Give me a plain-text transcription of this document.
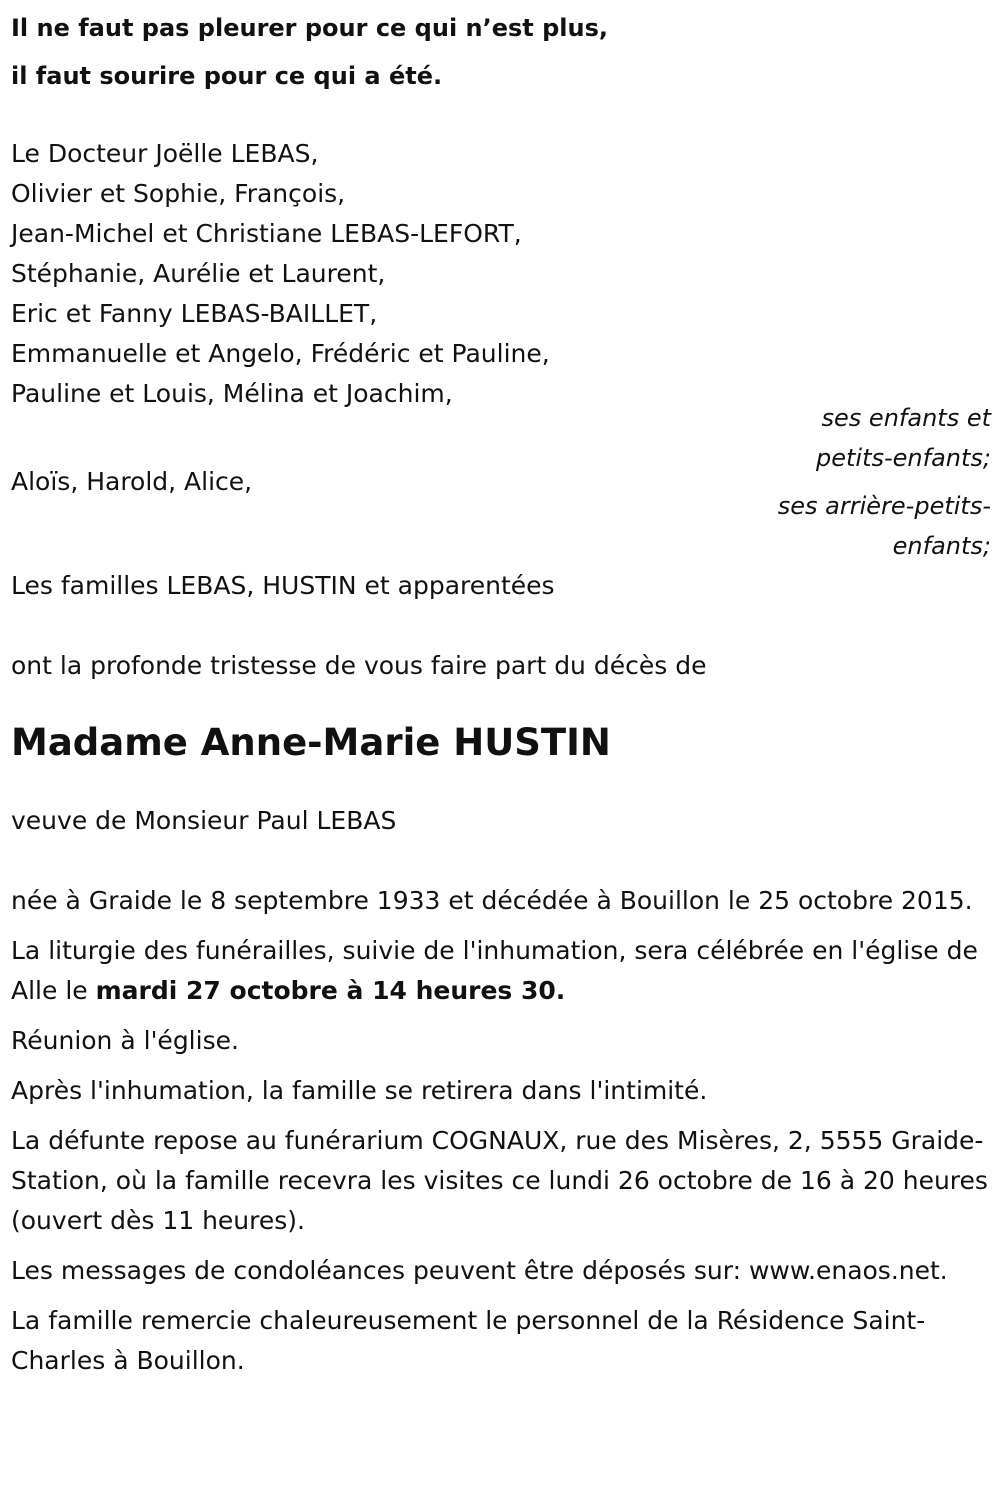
Il ne faut pas pleurer pour ce qui n’est plus,
il faut sourire pour ce qui a été.
Le Docteur Joëlle LEBAS,
Olivier et Sophie, François,
Jean-Michel et Christiane LEBAS-LEFORT,
Stéphanie, Aurélie et Laurent,
Eric et Fanny LEBAS-BAILLET,
Emmanuelle et Angelo, Frédéric et Pauline,
Pauline et Louis, Mélina et Joachim,
ses enfants et
petits-enfants;
Aloïs, Harold, Alice,
ses arrière-petits-
enfants;
Les familles LEBAS, HUSTIN et apparentées
ont la profonde tristesse de vous faire part du décès de
Madame Anne-Marie HUSTIN
veuve de Monsieur Paul LEBAS
née à Graide le 8 septembre 1933 et décédée à Bouillon le 25 octobre 2015.
La liturgie des funérailles, suivie de l'inhumation, sera célébrée en l'église de Alle le mardi 27 octobre à 14 heures 30.
Réunion à l'église.
Après l'inhumation, la famille se retirera dans l'intimité.
La défunte repose au funérarium COGNAUX, rue des Misères, 2, 5555 Graide-Station, où la famille recevra les visites ce lundi 26 octobre de 16 à 20 heures (ouvert dès 11 heures).
Les messages de condoléances peuvent être déposés sur: www.enaos.net.
La famille remercie chaleureusement le personnel de la Résidence Saint-Charles à Bouillon.
